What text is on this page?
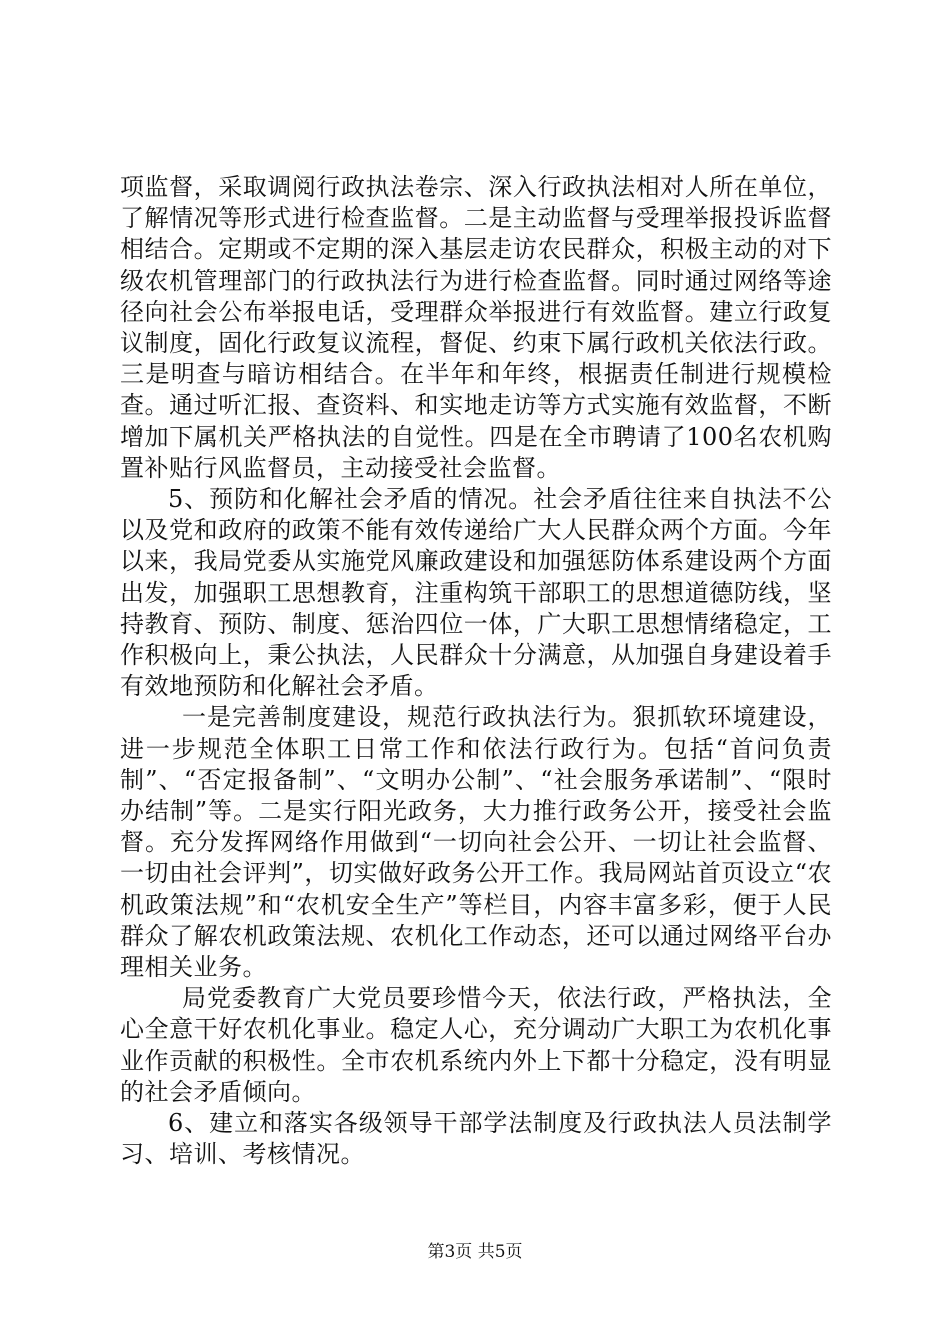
项监督，采取调阅行政执法卷宗、深入行政执法相对人所在单位，了解情况等形式进行检查监督。二是主动监督与受理举报投诉监督相结合。定期或不定期的深入基层走访农民群众，积极主动的对下级农机管理部门的行政执法行为进行检查监督。同时通过网络等途径向社会公布举报电话，受理群众举报进行有效监督。建立行政复议制度，固化行政复议流程，督促、约束下属行政机关依法行政。三是明查与暗访相结合。在半年和年终，根据责任制进行规模检查。通过听汇报、查资料、和实地走访等方式实施有效监督，不断增加下属机关严格执法的自觉性。四是在全市聘请了100名农机购置补贴行风监督员，主动接受社会监督。

5、预防和化解社会矛盾的情况。社会矛盾往往来自执法不公以及党和政府的政策不能有效传递给广大人民群众两个方面。今年以来，我局党委从实施党风廉政建设和加强惩防体系建设两个方面出发，加强职工思想教育，注重构筑干部职工的思想道德防线，坚持教育、预防、制度、惩治四位一体，广大职工思想情绪稳定，工作积极向上，秉公执法，人民群众十分满意，从加强自身建设着手有效地预防和化解社会矛盾。

一是完善制度建设，规范行政执法行为。狠抓软环境建设，进一步规范全体职工日常工作和依法行政行为。包括“首问负责制”、“否定报备制”、“文明办公制”、“社会服务承诺制”、“限时办结制”等。二是实行阳光政务，大力推行政务公开，接受社会监督。充分发挥网络作用做到“一切向社会公开、一切让社会监督、一切由社会评判”，切实做好政务公开工作。我局网站首页设立“农机政策法规”和“农机安全生产”等栏目，内容丰富多彩，便于人民群众了解农机政策法规、农机化工作动态，还可以通过网络平台办理相关业务。

局党委教育广大党员要珍惜今天，依法行政，严格执法，全心全意干好农机化事业。稳定人心，充分调动广大职工为农机化事业作贡献的积极性。全市农机系统内外上下都十分稳定，没有明显的社会矛盾倾向。

6、建立和落实各级领导干部学法制度及行政执法人员法制学习、培训、考核情况。

第3页 共5页
